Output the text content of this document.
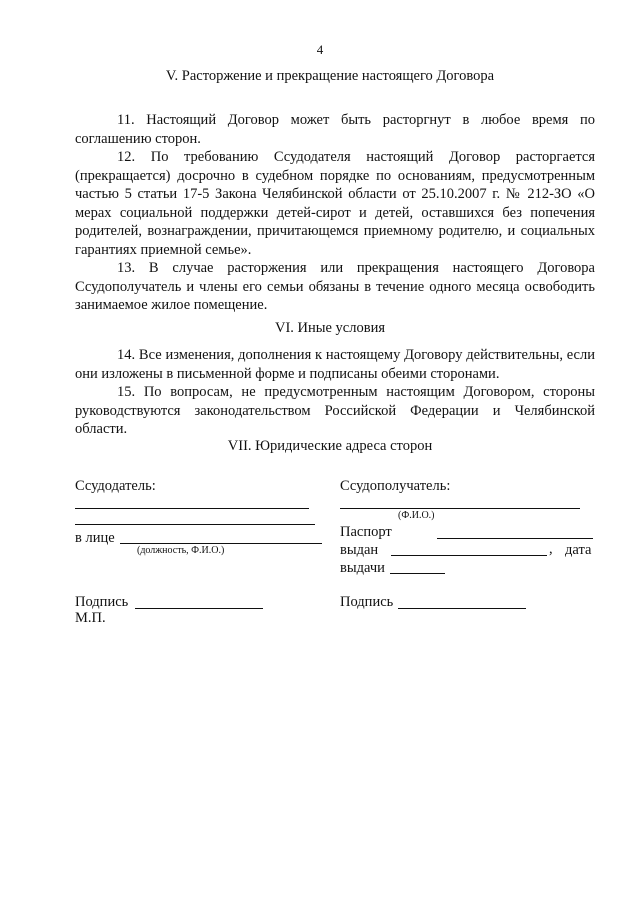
4
V. Расторжение и прекращение настоящего Договора

11. Настоящий Договор может быть расторгнут в любое время по соглашению сторон.

12. По требованию Ссудодателя настоящий Договор расторгается (прекращается) досрочно в судебном порядке по основаниям, предусмотренным частью 5 статьи 17-5 Закона Челябинской области от 25.10.2007 г. № 212-ЗО «О мерах социальной поддержки детей-сирот и детей, оставшихся без попечения родителей, вознаграждении, причитающемся приемному родителю, и социальных гарантиях приемной семье».

13. В случае расторжения или прекращения настоящего Договора Ссудополучатель и члены его семьи обязаны в течение одного месяца освободить занимаемое жилое помещение.

VI. Иные условия

14. Все изменения, дополнения к настоящему Договору действительны, если они изложены в письменной форме и подписаны обеими сторонами.

15. По вопросам, не предусмотренным настоящим Договором, стороны руководствуются законодательством Российской Федерации и Челябинской области.

VII. Юридические адреса сторон
Ссудодатель:
в лице
(должность, Ф.И.О.)
Подпись
М.П.
Ссудополучатель:
(Ф.И.О.)
Паспорт
выдан	, дата
выдачи
Подпись
